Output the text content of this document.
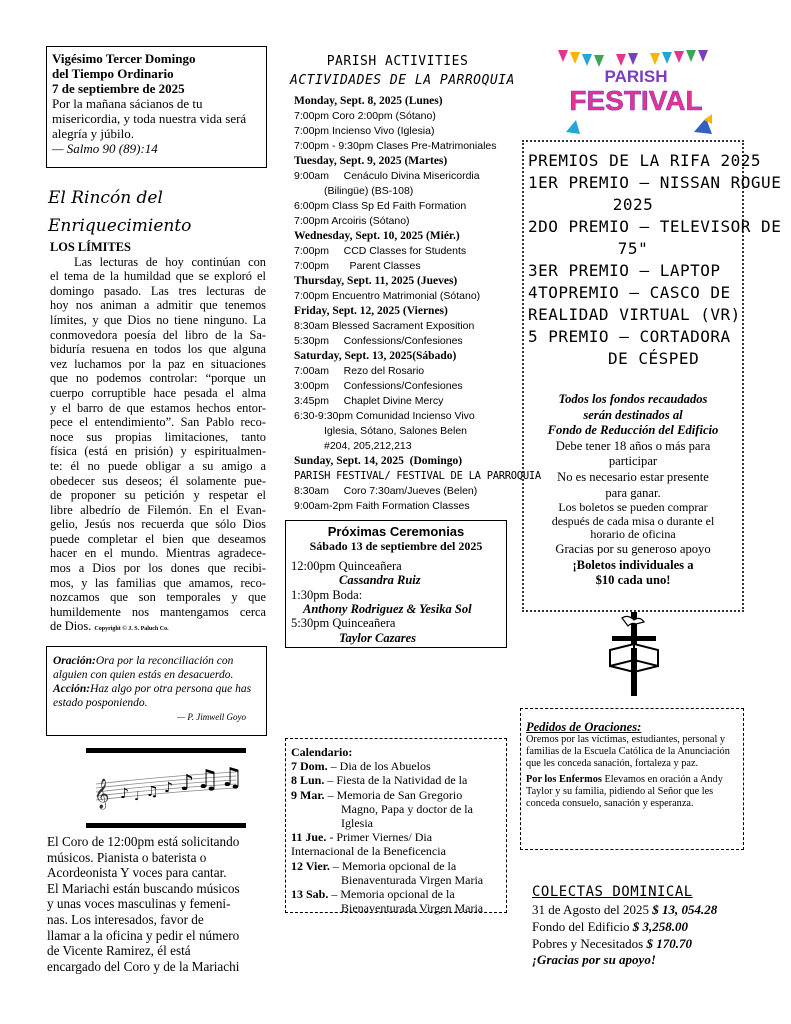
Vigésimo Tercer Domingo
del Tiempo Ordinario
7 de septiembre de 2025
Por la mañana sácianos de tu
misericordia, y toda nuestra vida será
alegría y júbilo.
— Salmo 90 (89):14
El Rincón del
Enriquecimiento
LOS LÍMITES
Las lecturas de hoy continúan con
el tema de la humildad que se exploró el
domingo pasado. Las tres lecturas de
hoy nos animan a admitir que tenemos
límites, y que Dios no tiene ninguno. La
conmovedora poesía del libro de la Sa-
biduría resuena en todos los que alguna
vez luchamos por la paz en situaciones
que no podemos controlar: “porque un
cuerpo corruptible hace pesada el alma
y el barro de que estamos hechos entor-
pece el entendimiento”. San Pablo reco-
noce sus propias limitaciones, tanto
física (está en prisión) y espiritualmen-
te: él no puede obligar a su amigo a
obedecer sus deseos; él solamente pue-
de proponer su petición y respetar el
libre albedrío de Filemón. En el Evan-
gelio, Jesús nos recuerda que sólo Dios
puede completar el bien que deseamos
hacer en el mundo. Mientras agradece-
mos a Dios por los dones que recibi-
mos, y las familias que amamos, reco-
nozcamos que son temporales y que
humildemente nos mantengamos cerca
de Dios. Copyright © J. S. Paluch Co.

Oración:Ora por la reconciliación con alguien con quien estás en desacuerdo.

Acción:Haz algo por otra persona que has estado posponiendo.

— P. Jimwell Goyo

𝄞 ♪ ♩ ♫ ♪ ♪ ♫ ♫
El Coro de 12:00pm está solicitando
músicos. Pianista o baterista o
Acordeonista Y voces para cantar.
El Mariachi están buscando músicos
y unas voces masculinas y femeni-
nas. Los interesados, favor de
llamar a la oficina y pedir el número
de Vicente Ramirez, él está
encargado del Coro y de la Mariachi
PARISH ACTIVITIES
ACTIVIDADES DE LA PARROQUIA
Monday, Sept. 8, 2025 (Lunes)
7:00pm Coro 2:00pm (Sótano)
7:00pm Incienso Vivo (Iglesia)
7:00pm - 9:30pm Clases Pre-Matrimoniales
Tuesday, Sept. 9, 2025 (Martes)
9:00am     Cenáculo Divina Misericordia
(Bilingüe) (BS-108)
6:00pm Class Sp Ed Faith Formation
7:00pm Arcoiris (Sótano)
Wednesday, Sept. 10, 2025 (Miér.)
7:00pm     CCD Classes for Students
7:00pm       Parent Classes
Thursday, Sept. 11, 2025 (Jueves)
7:00pm Encuentro Matrimonial (Sótano)
Friday, Sept. 12, 2025 (Viernes)
8:30am Blessed Sacrament Exposition
5:30pm     Confessions/Confesiones
Saturday, Sept. 13, 2025(Sábado)
7:00am     Rezo del Rosario
3:00pm     Confessions/Confesiones
3:45pm     Chaplet Divine Mercy
6:30-9:30pm Comunidad Incienso Vivo
Iglesia, Sótano, Salones Belen
#204, 205,212,213
Sunday, Sept. 14, 2025  (Domingo)
PARISH FESTIVAL/ FESTIVAL DE LA PARROQUIA
8:30am     Coro 7:30am/Jueves (Belen)
9:00am-2pm Faith Formation Classes
Próximas Ceremonias
Sábado 13 de septiembre del 2025
12:00pm Quinceañera
Cassandra Ruiz
1:30pm Boda:
Anthony Rodriguez & Yesika Sol
5:30pm Quinceañera
Taylor Cazares
Calendario:
7 Dom. – Dia de los Abuelos
8 Lun. – Fiesta de la Natividad de la
9 Mar. – Memoria de San Gregorio
Magno, Papa y doctor de la
Iglesia
11 Jue. - Primer Viernes/ Dia
Internacional de la Beneficencia
12 Vier. – Memoria opcional de la
Bienaventurada Virgen Maria
13 Sab. – Memoria opcional de la
Bienaventurada Virgen Maria
PARISH
FESTIVAL
PREMIOS DE LA RIFA 2025
1ER PREMIO – NISSAN ROGUE
2025
2DO PREMIO – TELEVISOR DE
75"
3ER PREMIO – LAPTOP
4TOPREMIO – CASCO DE
REALIDAD VIRTUAL (VR)
5 PREMIO – CORTADORA
DE CÉSPED
Todos los fondos recaudados
serán destinados al
Fondo de Reducción del Edificio
Debe tener 18 años o más para
participar
No es necesario estar presente
para ganar.
Los boletos se pueden comprar
después de cada misa o durante el
horario de oficina
Gracias por su generoso apoyo
¡Boletos individuales a
$10 cada uno!
Pedidos de Oraciones:

Oremos por las víctimas, estudiantes, personal y familias de la Escuela Católica de la Anunciación que les conceda sanación, fortaleza y paz.

Por los Enfermos Elevamos en oración a Andy Taylor y su familia, pidiendo al Señor que les conceda consuelo, sanación y esperanza.

COLECTAS DOMINICAL
31 de Agosto del 2025 $ 13, 054.28
Fondo del Edificio $ 3,258.00
Pobres y Necesitados $ 170.70
¡Gracias por su apoyo!
